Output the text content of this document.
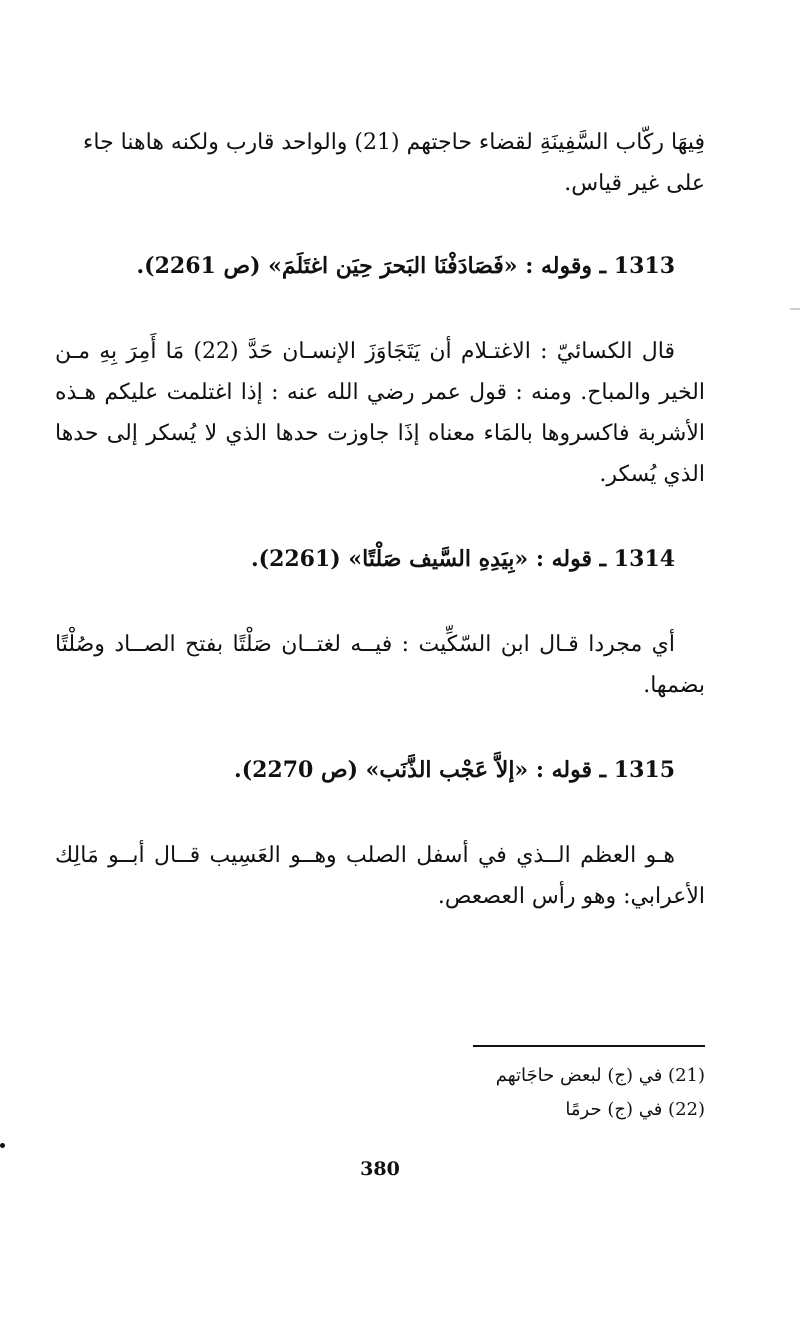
فِيهَا ركّاب السَّفِينَةِ لقضاء حاجتهم (21) والواحد قارب ولكنه هاهنا جاء
على غير قياس.

1313 ـ وقوله : «فَصَادَفْنَا البَحرَ حِيَن اغتَلَمَ» (ص 2261).

قال الكسائيّ : الاغتـلام أن يَتَجَاوَزَ الإنسـان حَدَّ (22) مَا أَمِرَ بِهِ مـن الخير والمباح. ومنه : قول عمر رضي الله عنه : إذا اغتلمت عليكم هـذه الأشربة فاكسروها بالمَاء معناه إذَا جاوزت حدها الذي لا يُسكر إلى حدها الذي يُسكر.

1314 ـ قوله : «بِيَدِهِ السَّيف صَلْتًا» (2261).

أي مجردا قـال ابن السّكِّيت : فيــه لغتــان صَلْتًا بفتح الصــاد وصُلْتًا بضمها.

1315 ـ قوله : «إلاَّ عَجْب الذَّنَب» (ص 2270).

هـو العظم الــذي في أسفل الصلب وهــو العَسِيب قــال أبــو مَالِك الأعرابي: وهو رأس العصعص.

(21) في (ج) لبعض حاجَاتهم
(22) في (ج) حرمًا
380
